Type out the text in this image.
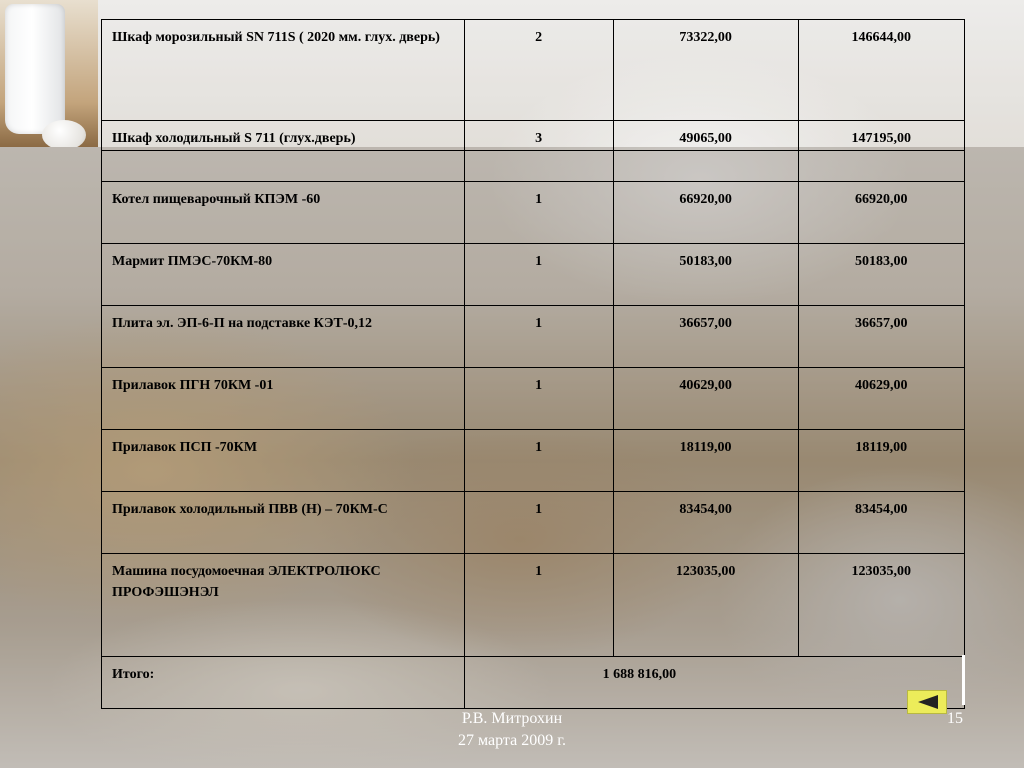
Шкаф морозильный SN 711S ( 2020 мм. глух. дверь)	2	73322,00	146644,00
Шкаф холодильный S 711 (глух.дверь)	3	49065,00	147195,00

Котел пищеварочный КПЭМ -60	1	66920,00	66920,00
Мармит ПМЭС-70КМ-80	1	50183,00	50183,00
Плита эл. ЭП-6-П на подставке КЭТ-0,12	1	36657,00	36657,00
Прилавок ПГН 70КМ -01	1	40629,00	40629,00
Прилавок ПСП -70КМ	1	18119,00	18119,00
Прилавок холодильный ПВВ (Н) – 70КМ-С	1	83454,00	83454,00
Машина посудомоечная ЭЛЕКТРОЛЮКС ПРОФЭШЭНЭЛ	1	123035,00	123035,00
Итого:	1 688 816,00		
Р.В. Митрохин
27 марта 2009 г.
15
